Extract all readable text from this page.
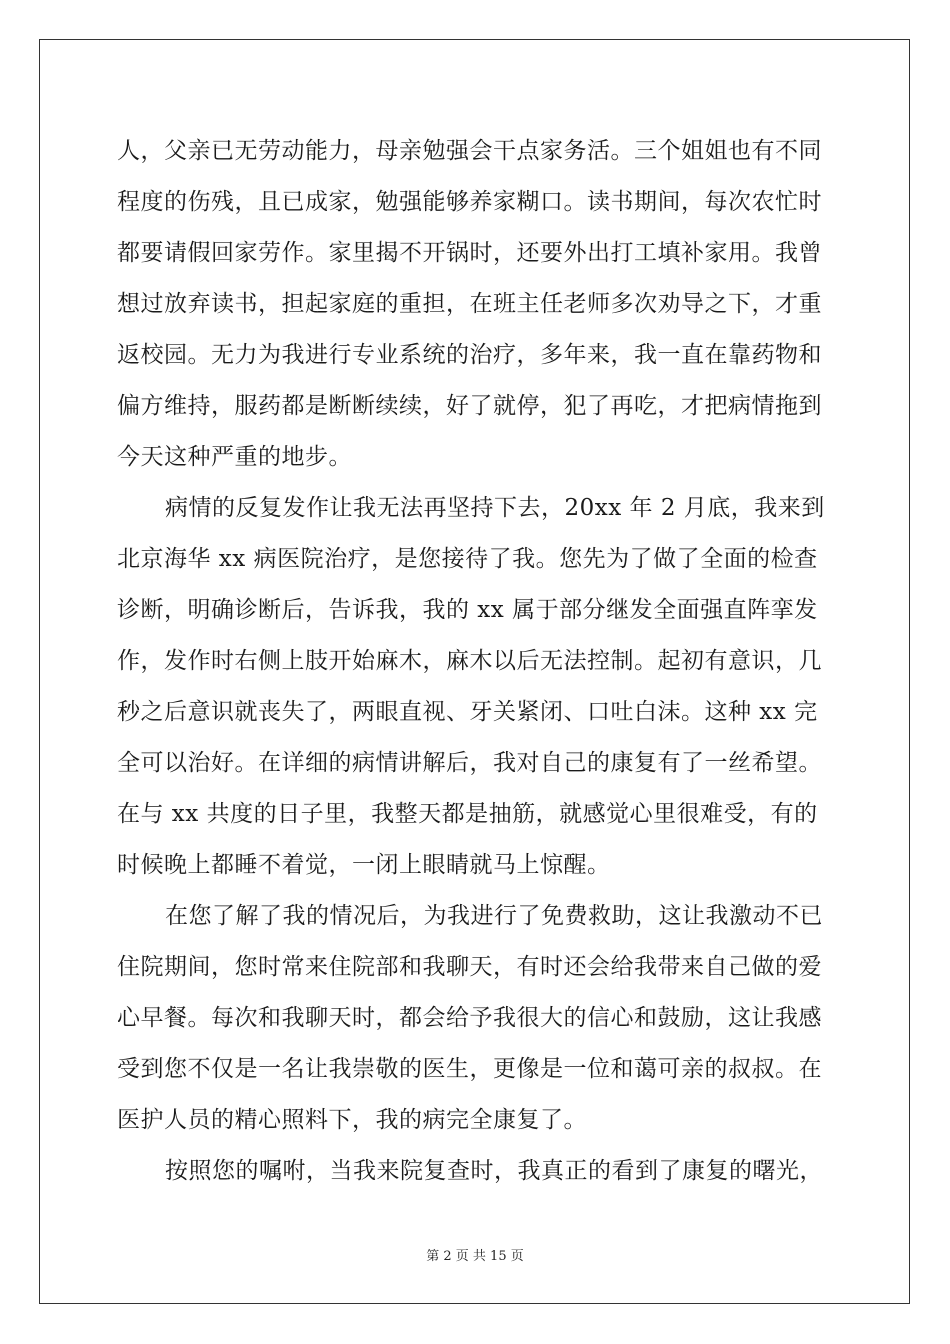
人，父亲已无劳动能力，母亲勉强会干点家务活。三个姐姐也有不同
程度的伤残，且已成家，勉强能够养家糊口。读书期间，每次农忙时
都要请假回家劳作。家里揭不开锅时，还要外出打工填补家用。我曾
想过放弃读书，担起家庭的重担，在班主任老师多次劝导之下，才重
返校园。无力为我进行专业系统的治疗，多年来，我一直在靠药物和
偏方维持，服药都是断断续续，好了就停，犯了再吃，才把病情拖到
今天这种严重的地步。
病情的反复发作让我无法再坚持下去，20xx 年 2 月底，我来到
北京海华 xx 病医院治疗，是您接待了我。您先为了做了全面的检查
诊断，明确诊断后，告诉我，我的 xx 属于部分继发全面强直阵挛发
作，发作时右侧上肢开始麻木，麻木以后无法控制。起初有意识，几
秒之后意识就丧失了，两眼直视、牙关紧闭、口吐白沫。这种 xx 完
全可以治好。在详细的病情讲解后，我对自己的康复有了一丝希望。
在与 xx 共度的日子里，我整天都是抽筋，就感觉心里很难受，有的
时候晚上都睡不着觉，一闭上眼睛就马上惊醒。
在您了解了我的情况后，为我进行了免费救助，这让我激动不已
住院期间，您时常来住院部和我聊天，有时还会给我带来自己做的爱
心早餐。每次和我聊天时，都会给予我很大的信心和鼓励，这让我感
受到您不仅是一名让我崇敬的医生，更像是一位和蔼可亲的叔叔。在
医护人员的精心照料下，我的病完全康复了。
按照您的嘱咐，当我来院复查时，我真正的看到了康复的曙光，
第 2 页 共 15 页
